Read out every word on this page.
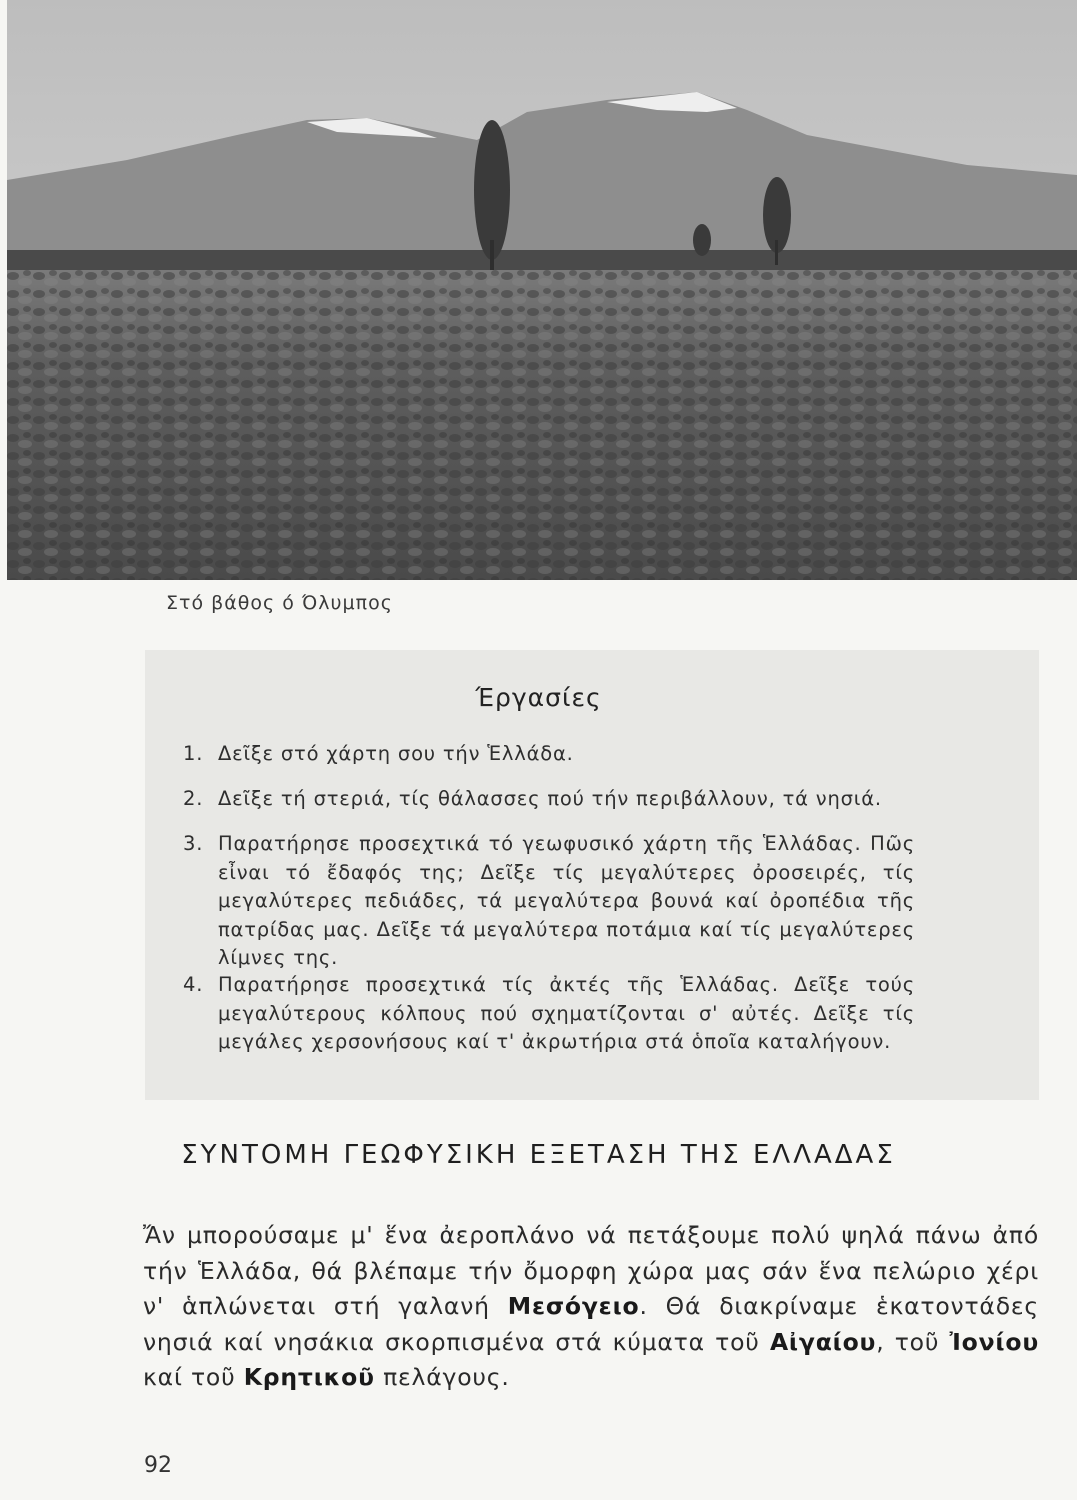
Στό βάθος ό Όλυμπος
Έργασίες
1. Δεῖξε στό χάρτη σου τήν Ἑλλάδα.
2. Δεῖξε τή στεριά, τίς θάλασσες πού τήν περιβάλλουν, τά νησιά.
3. Παρατήρησε προσεχτικά τό γεωφυσικό χάρτη τῆς Ἑλλάδας. Πῶς εἶναι τό ἔδαφός της; Δεῖξε τίς μεγαλύτερες ὀροσειρές, τίς μεγαλύτερες πεδιάδες, τά μεγαλύτερα βουνά καί ὀροπέδια τῆς πατρίδας μας. Δεῖξε τά μεγαλύτερα ποτάμια καί τίς μεγαλύτερες λίμνες της.
4. Παρατήρησε προσεχτικά τίς ἀκτές τῆς Ἑλλάδας. Δεῖξε τούς μεγαλύτερους κόλπους πού σχηματίζονται σ' αὐτές. Δεῖξε τίς μεγάλες χερσονήσους καί τ' ἀκρωτήρια στά ὁποῖα καταλήγουν.
ΣΥΝΤΟΜΗ ΓΕΩΦΥΣΙΚΗ ΕΞΕΤΑΣΗ ΤΗΣ ΕΛΛΑΔΑΣ
Ἄν μπορούσαμε μ' ἕνα ἀεροπλάνο νά πετάξουμε πολύ ψηλά πάνω ἀπό τήν Ἑλλάδα, θά βλέπαμε τήν ὄμορφη χώρα μας σάν ἕνα πελώριο χέρι ν' ἁπλώνεται στή γαλανή Μεσόγειο. Θά διακρίναμε ἑκατοντάδες νησιά καί νησάκια σκορπισμένα στά κύματα τοῦ Αἰγαίου, τοῦ Ἰονίου καί τοῦ Κρητικοῦ πελάγους.
92
